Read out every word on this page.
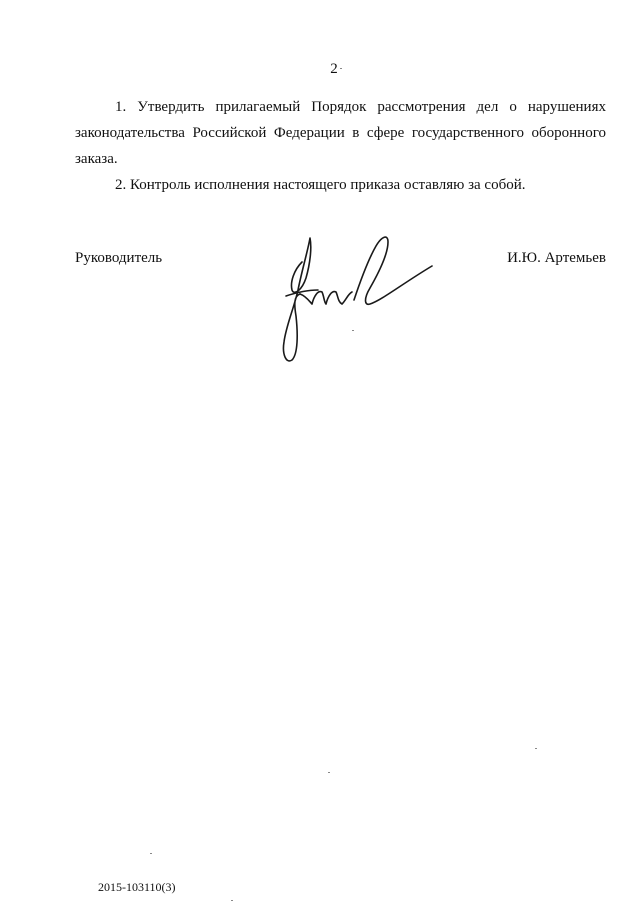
2

1. Утвердить прилагаемый Порядок рассмотрения дел о нарушениях законодательства Российской Федерации в сфере государственного оборонного заказа.

2. Контроль исполнения настоящего приказа оставляю за собой.

Руководитель	И.Ю. Артемьев
2015-103110(3)
